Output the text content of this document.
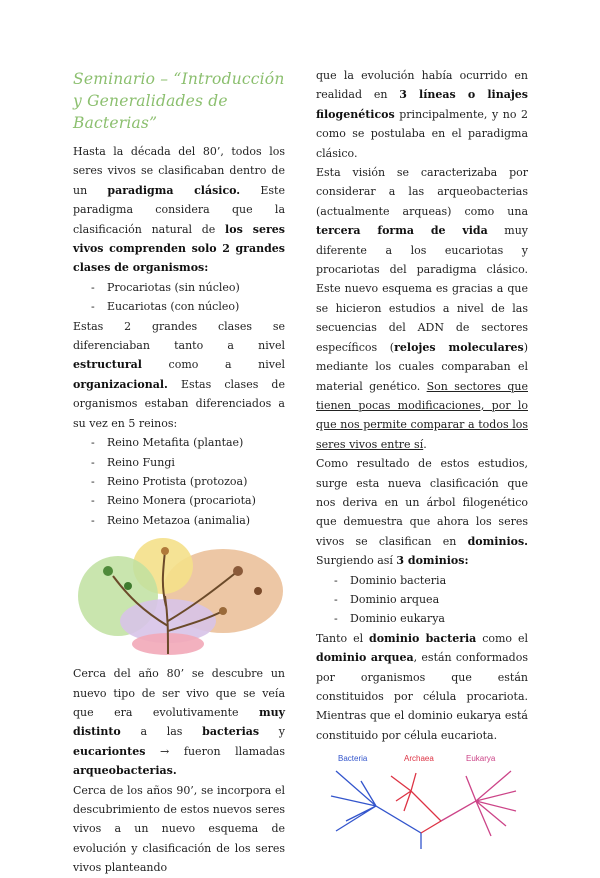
Seminario – “Introducción y Generalidades de Bacterias”

Hasta la década del 80’, todos los seres vivos se clasificaban dentro de un paradigma clásico. Este paradigma considera que la clasificación natural de los seres vivos comprenden solo 2 grandes clases de organismos:

- Procariotas (sin núcleo)
- Eucariotas (con núcleo)

Estas 2 grandes clases se diferenciaban tanto a nivel estructural como a nivel organizacional. Estas clases de organismos estaban diferenciados a su vez en 5 reinos:

- Reino Metafita (plantae)
- Reino Fungi
- Reino Protista (protozoa)
- Reino Monera (procariota)
- Reino Metazoa (animalia)

Cerca del año 80’ se descubre un nuevo tipo de ser vivo que se veía que era evolutivamente muy distinto a las bacterias y eucariontes → fueron llamadas arqueobacterias.

Cerca de los años 90’, se incorpora el descubrimiento de estos nuevos seres vivos a un nuevo esquema de evolución y clasificación de los seres vivos planteando

que la evolución había ocurrido en realidad en 3 líneas o linajes filogenéticos principalmente, y no 2 como se postulaba en el paradigma clásico.

Esta visión se caracterizaba por considerar a las arqueobacterias (actualmente arqueas) como una tercera forma de vida muy diferente a los eucariotas y procariotas del paradigma clásico. Este nuevo esquema es gracias a que se hicieron estudios a nivel de las secuencias del ADN de sectores específicos (relojes moleculares) mediante los cuales comparaban el material genético. Son sectores que tienen pocas modificaciones, por lo que nos permite comparar a todos los seres vivos entre sí.

Como resultado de estos estudios, surge esta nueva clasificación que nos deriva en un árbol filogenético que demuestra que ahora los seres vivos se clasifican en dominios. Surgiendo así 3 dominios:

- Dominio bacteria
- Dominio arquea
- Dominio eukarya

Tanto el dominio bacteria como el dominio arquea, están conformados por organismos que están constituidos por célula procariota. Mientras que el dominio eukarya está constituido por célula eucariota.

Bacteria	Archaea	Eukarya
